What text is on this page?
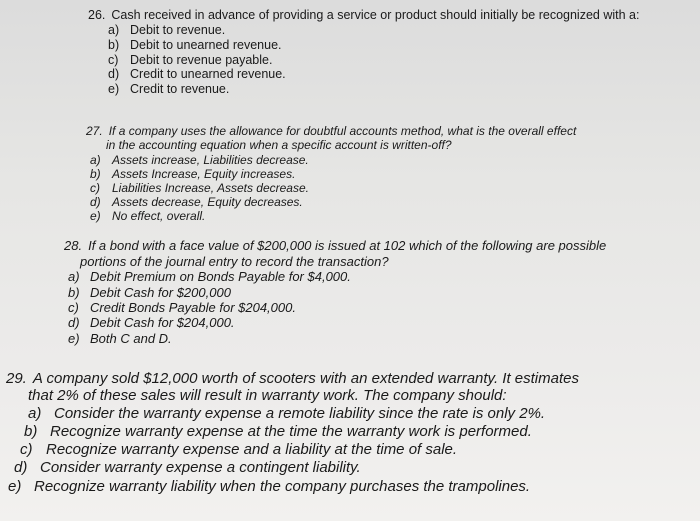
26. Cash received in advance of providing a service or product should initially be recognized with a:

a) Debit to revenue.
b) Debit to unearned revenue.
c) Debit to revenue payable.
d) Credit to unearned revenue.
e) Credit to revenue.

27. If a company uses the allowance for doubtful accounts method, what is the overall effect
in the accounting equation when a specific account is written-off?

a) Assets increase, Liabilities decrease.
b) Assets Increase, Equity increases.
c) Liabilities Increase, Assets decrease.
d) Assets decrease, Equity decreases.
e) No effect, overall.

28. If a bond with a face value of $200,000 is issued at 102 which of the following are possible
portions of the journal entry to record the transaction?

a) Debit Premium on Bonds Payable for $4,000.
b) Debit Cash for $200,000
c) Credit Bonds Payable for $204,000.
d) Debit Cash for $204,000.
e) Both C and D.

29. A company sold $12,000 worth of scooters with an extended warranty. It estimates
that 2% of these sales will result in warranty work. The company should:

a) Consider the warranty expense a remote liability since the rate is only 2%.
b) Recognize warranty expense at the time the warranty work is performed.
c) Recognize warranty expense and a liability at the time of sale.
d) Consider warranty expense a contingent liability.
e) Recognize warranty liability when the company purchases the trampolines.
